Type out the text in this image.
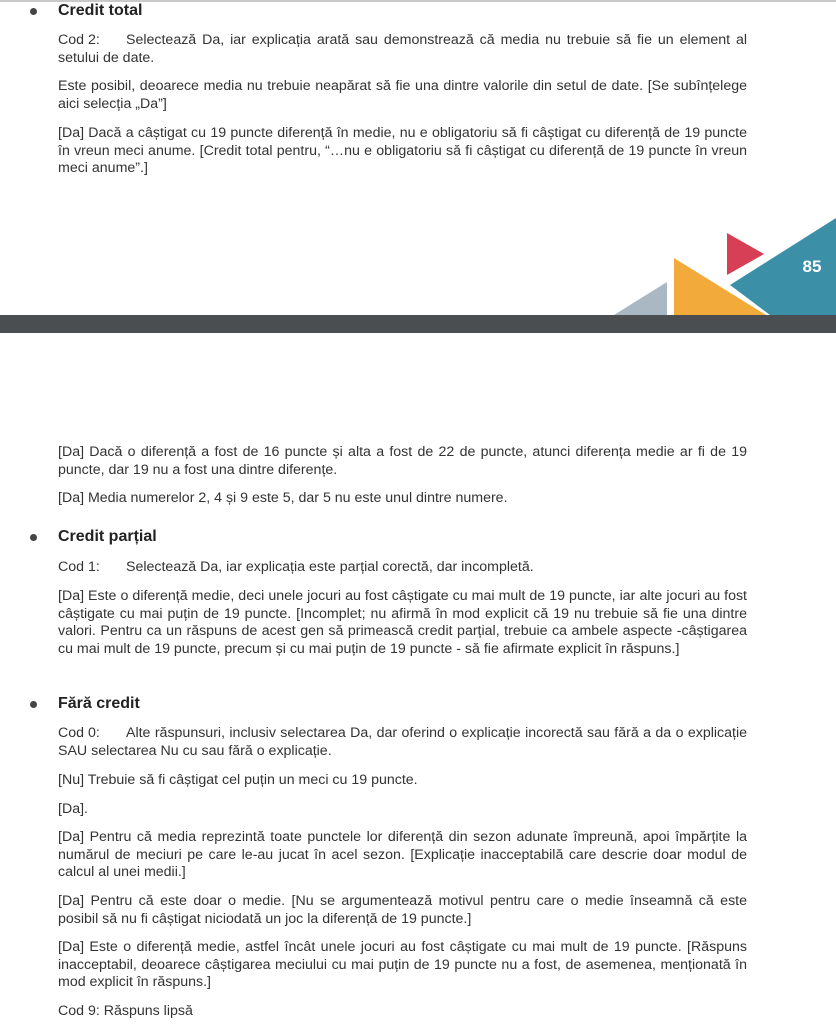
Credit total

Cod 2: Selectează Da, iar explicația arată sau demonstrează că media nu trebuie să fie un element al setului de date.

Este posibil, deoarece media nu trebuie neapărat să fie una dintre valorile din setul de date. [Se subînțelege aici selecția „Da”]

[Da] Dacă a câștigat cu 19 puncte diferență în medie, nu e obligatoriu să fi câștigat cu diferență de 19 puncte în vreun meci anume. [Credit total pentru, “…nu e obligatoriu să fi câștigat cu diferență de 19 puncte în vreun meci anume”.]

85

[Da] Dacă o diferență a fost de 16 puncte și alta a fost de 22 de puncte, atunci diferența medie ar fi de 19 puncte, dar 19 nu a fost una dintre diferențe.

[Da] Media numerelor 2, 4 și 9 este 5, dar 5 nu este unul dintre numere.

Credit parțial

Cod 1: Selectează Da, iar explicația este parțial corectă, dar incompletă.

[Da] Este o diferență medie, deci unele jocuri au fost câștigate cu mai mult de 19 puncte, iar alte jocuri au fost câștigate cu mai puțin de 19 puncte. [Incomplet; nu afirmă în mod explicit că 19 nu trebuie să fie una dintre valori. Pentru ca un răspuns de acest gen să primească credit parțial, trebuie ca ambele aspecte -câștigarea cu mai mult de 19 puncte, precum și cu mai puțin de 19 puncte - să fie afirmate explicit în răspuns.]

Fără credit

Cod 0: Alte răspunsuri, inclusiv selectarea Da, dar oferind o explicație incorectă sau fără a da o explicație SAU selectarea Nu cu sau fără o explicație.

[Nu] Trebuie să fi câștigat cel puțin un meci cu 19 puncte.

[Da].

[Da] Pentru că media reprezintă toate punctele lor diferență din sezon adunate împreună, apoi împărțite la numărul de meciuri pe care le-au jucat în acel sezon. [Explicație inacceptabilă care descrie doar modul de calcul al unei medii.]

[Da] Pentru că este doar o medie. [Nu se argumentează motivul pentru care o medie înseamnă că este posibil să nu fi câștigat niciodată un joc la diferență de 19 puncte.]

[Da] Este o diferență medie, astfel încât unele jocuri au fost câștigate cu mai mult de 19 puncte. [Răspuns inacceptabil, deoarece câștigarea meciului cu mai puțin de 19 puncte nu a fost, de asemenea, menționată în mod explicit în răspuns.]

Cod 9: Răspuns lipsă
